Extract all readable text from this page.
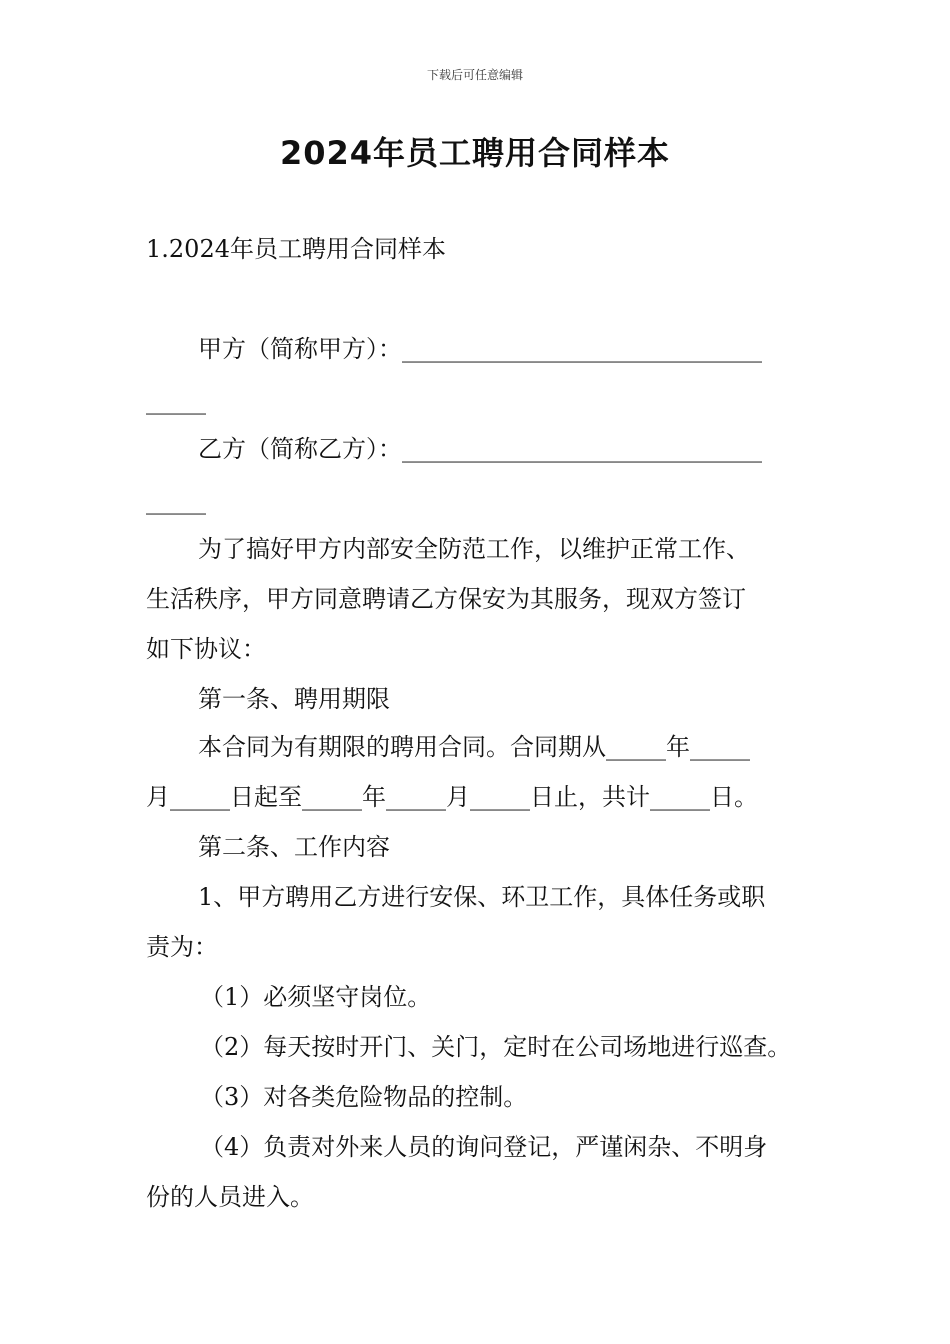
下载后可任意编辑
2024年员工聘用合同样本
1.2024年员工聘用合同样本
甲方（简称甲方）：______________________________
_____
乙方（简称乙方）：______________________________
_____
为了搞好甲方内部安全防范工作，以维护正常工作、
生活秩序，甲方同意聘请乙方保安为其服务，现双方签订
如下协议：
第一条、聘用期限
本合同为有期限的聘用合同。合同期从_____年_____
月_____日起至_____年_____月_____日止，共计_____日。
第二条、工作内容
1、甲方聘用乙方进行安保、环卫工作，具体任务或职
责为：
（1）必须坚守岗位。
（2）每天按时开门、关门，定时在公司场地进行巡查。
（3）对各类危险物品的控制。
（4）负责对外来人员的询问登记，严谨闲杂、不明身
份的人员进入。
